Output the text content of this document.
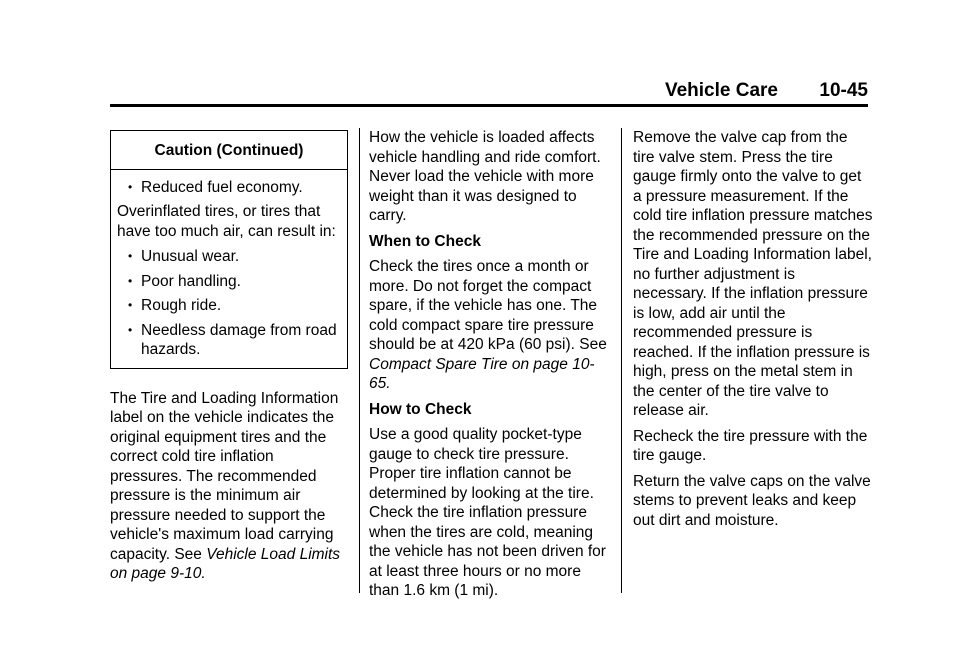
Vehicle Care 10-45
Caution (Continued)
• Reduced fuel economy.

Overinflated tires, or tires that have too much air, can result in:

• Unusual wear.
• Poor handling.
• Rough ride.
• Needless damage from road hazards.
The Tire and Loading Information label on the vehicle indicates the original equipment tires and the correct cold tire inflation pressures. The recommended pressure is the minimum air pressure needed to support the vehicle's maximum load carrying capacity. See Vehicle Load Limits on page 9-10.

How the vehicle is loaded affects vehicle handling and ride comfort. Never load the vehicle with more weight than it was designed to carry.

When to Check

Check the tires once a month or more. Do not forget the compact spare, if the vehicle has one. The cold compact spare tire pressure should be at 420 kPa (60 psi). See Compact Spare Tire on page 10-65.

How to Check

Use a good quality pocket-type gauge to check tire pressure. Proper tire inflation cannot be determined by looking at the tire. Check the tire inflation pressure when the tires are cold, meaning the vehicle has not been driven for at least three hours or no more than 1.6 km (1 mi).

Remove the valve cap from the tire valve stem. Press the tire gauge firmly onto the valve to get a pressure measurement. If the cold tire inflation pressure matches the recommended pressure on the Tire and Loading Information label, no further adjustment is necessary. If the inflation pressure is low, add air until the recommended pressure is reached. If the inflation pressure is high, press on the metal stem in the center of the tire valve to release air.

Recheck the tire pressure with the tire gauge.

Return the valve caps on the valve stems to prevent leaks and keep out dirt and moisture.
